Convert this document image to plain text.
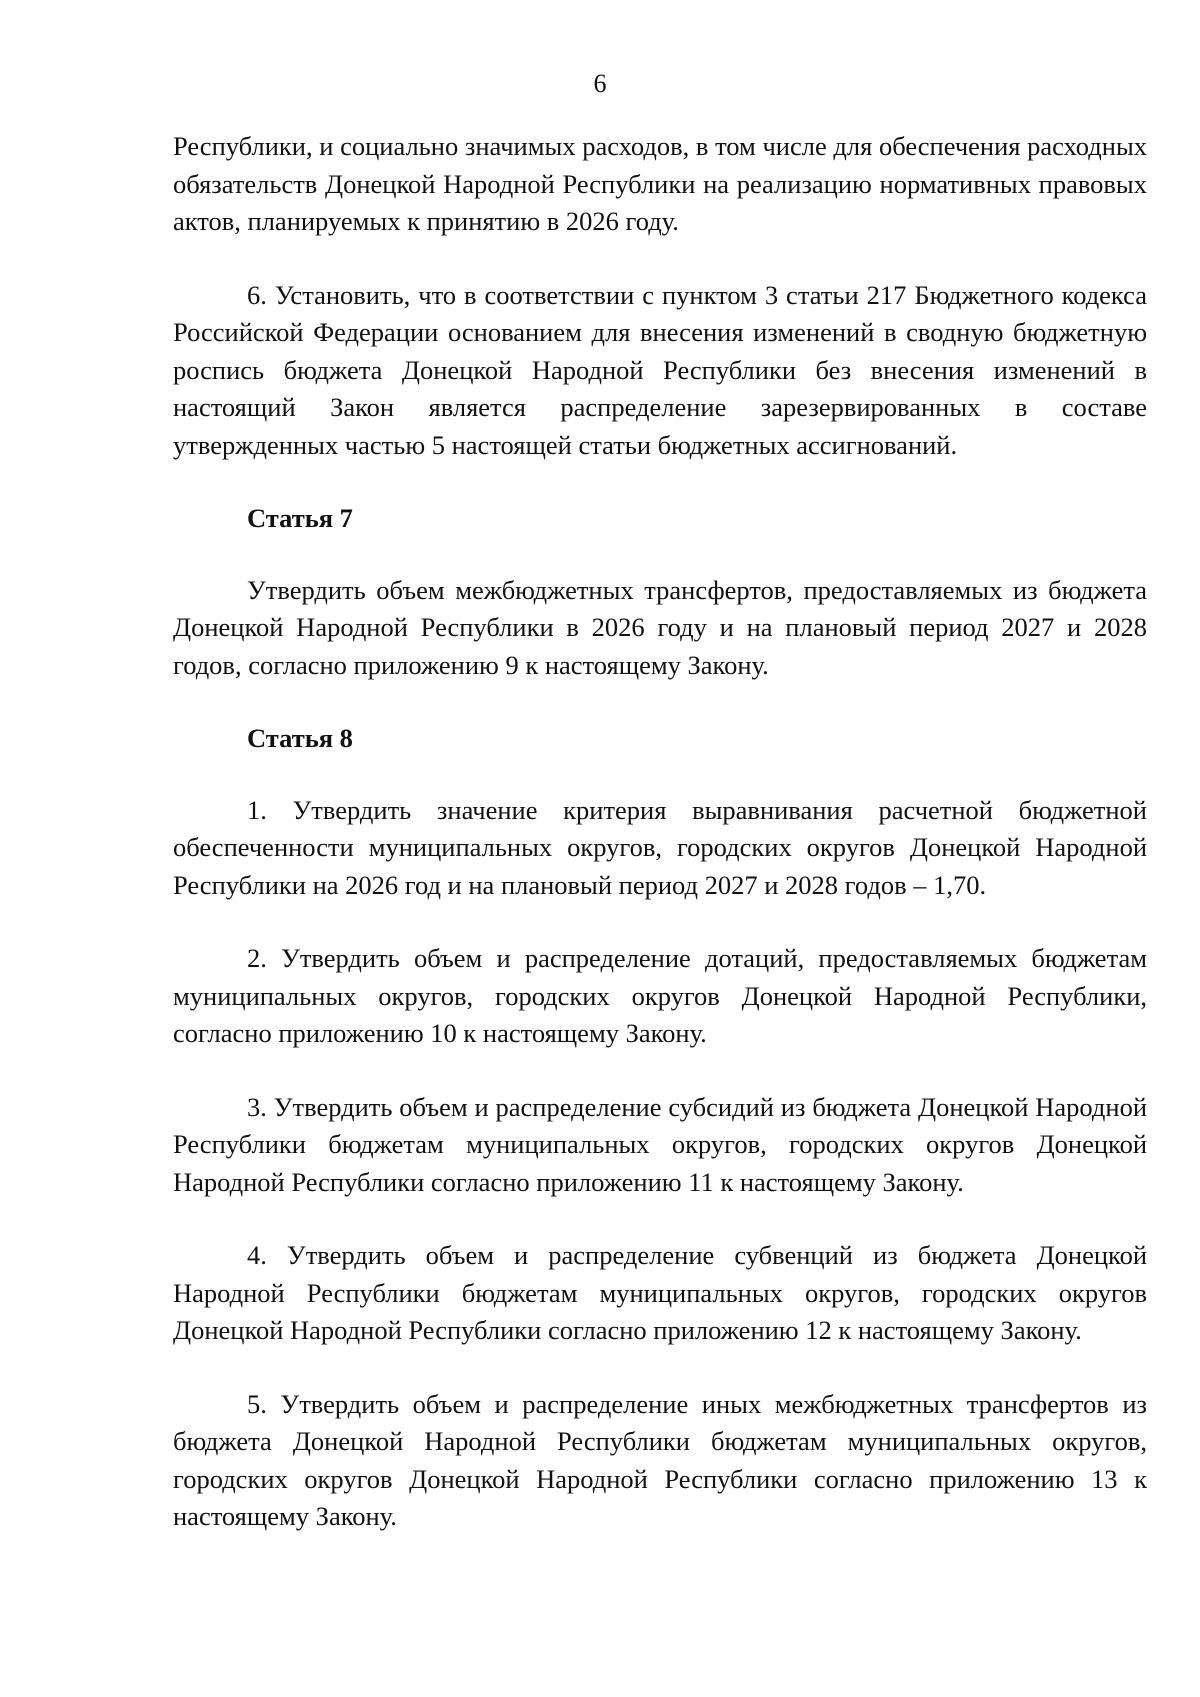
6

Республики, и социально значимых расходов, в том числе для обеспечения расходных обязательств Донецкой Народной Республики на реализацию нормативных правовых актов, планируемых к принятию в 2026 году.

6. Установить, что в соответствии с пунктом 3 статьи 217 Бюджетного кодекса Российской Федерации основанием для внесения изменений в сводную бюджетную роспись бюджета Донецкой Народной Республики без внесения изменений в настоящий Закон является распределение зарезервированных в составе утвержденных частью 5 настоящей статьи бюджетных ассигнований.

Статья 7

Утвердить объем межбюджетных трансфертов, предоставляемых из бюджета Донецкой Народной Республики в 2026 году и на плановый период 2027 и 2028 годов, согласно приложению 9 к настоящему Закону.

Статья 8

1. Утвердить значение критерия выравнивания расчетной бюджетной обеспеченности муниципальных округов, городских округов Донецкой Народной Республики на 2026 год и на плановый период 2027 и 2028 годов – 1,70.

2. Утвердить объем и распределение дотаций, предоставляемых бюджетам муниципальных округов, городских округов Донецкой Народной Республики, согласно приложению 10 к настоящему Закону.

3. Утвердить объем и распределение субсидий из бюджета Донецкой Народной Республики бюджетам муниципальных округов, городских округов Донецкой Народной Республики согласно приложению 11 к настоящему Закону.

4. Утвердить объем и распределение субвенций из бюджета Донецкой Народной Республики бюджетам муниципальных округов, городских округов Донецкой Народной Республики согласно приложению 12 к настоящему Закону.

5. Утвердить объем и распределение иных межбюджетных трансфертов из бюджета Донецкой Народной Республики бюджетам муниципальных округов, городских округов Донецкой Народной Республики согласно приложению 13 к настоящему Закону.
